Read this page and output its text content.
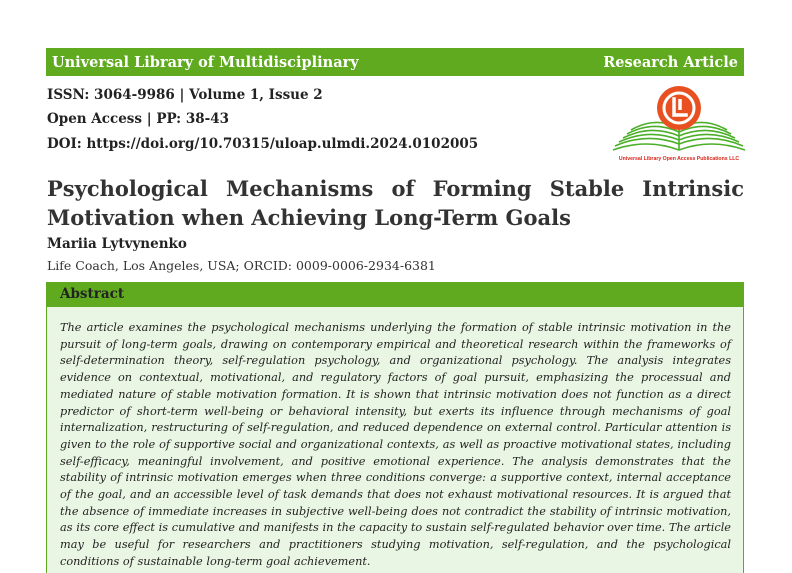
Universal Library of Multidisciplinary	Research Article
ISSN: 3064-9986 | Volume 1, Issue 2
Open Access | PP: 38-43
DOI: https://doi.org/10.70315/uloap.ulmdi.2024.0102005
Universal Library Open Access Publications LLC
Psychological Mechanisms of Forming Stable Intrinsic Motivation when Achieving Long-Term Goals
Mariia Lytvynenko
Life Coach, Los Angeles, USA; ORCID: 0009-0006-2934-6381
Abstract

The article examines the psychological mechanisms underlying the formation of stable intrinsic motivation in the pursuit of long-term goals, drawing on contemporary empirical and theoretical research within the frameworks of self-determination theory, self-regulation psychology, and organizational psychology. The analysis integrates evidence on contextual, motivational, and regulatory factors of goal pursuit, emphasizing the processual and mediated nature of stable motivation formation. It is shown that intrinsic motivation does not function as a direct predictor of short-term well-being or behavioral intensity, but exerts its influence through mechanisms of goal internalization, restructuring of self-regulation, and reduced dependence on external control. Particular attention is given to the role of supportive social and organizational contexts, as well as proactive motivational states, including self-efficacy, meaningful involvement, and positive emotional experience. The analysis demonstrates that the stability of intrinsic motivation emerges when three conditions converge: a supportive context, internal acceptance of the goal, and an accessible level of task demands that does not exhaust motivational resources. It is argued that the absence of immediate increases in subjective well-being does not contradict the stability of intrinsic motivation, as its core effect is cumulative and manifests in the capacity to sustain self-regulated behavior over time. The article may be useful for researchers and practitioners studying motivation, self-regulation, and the psychological conditions of sustainable long-term goal achievement.
